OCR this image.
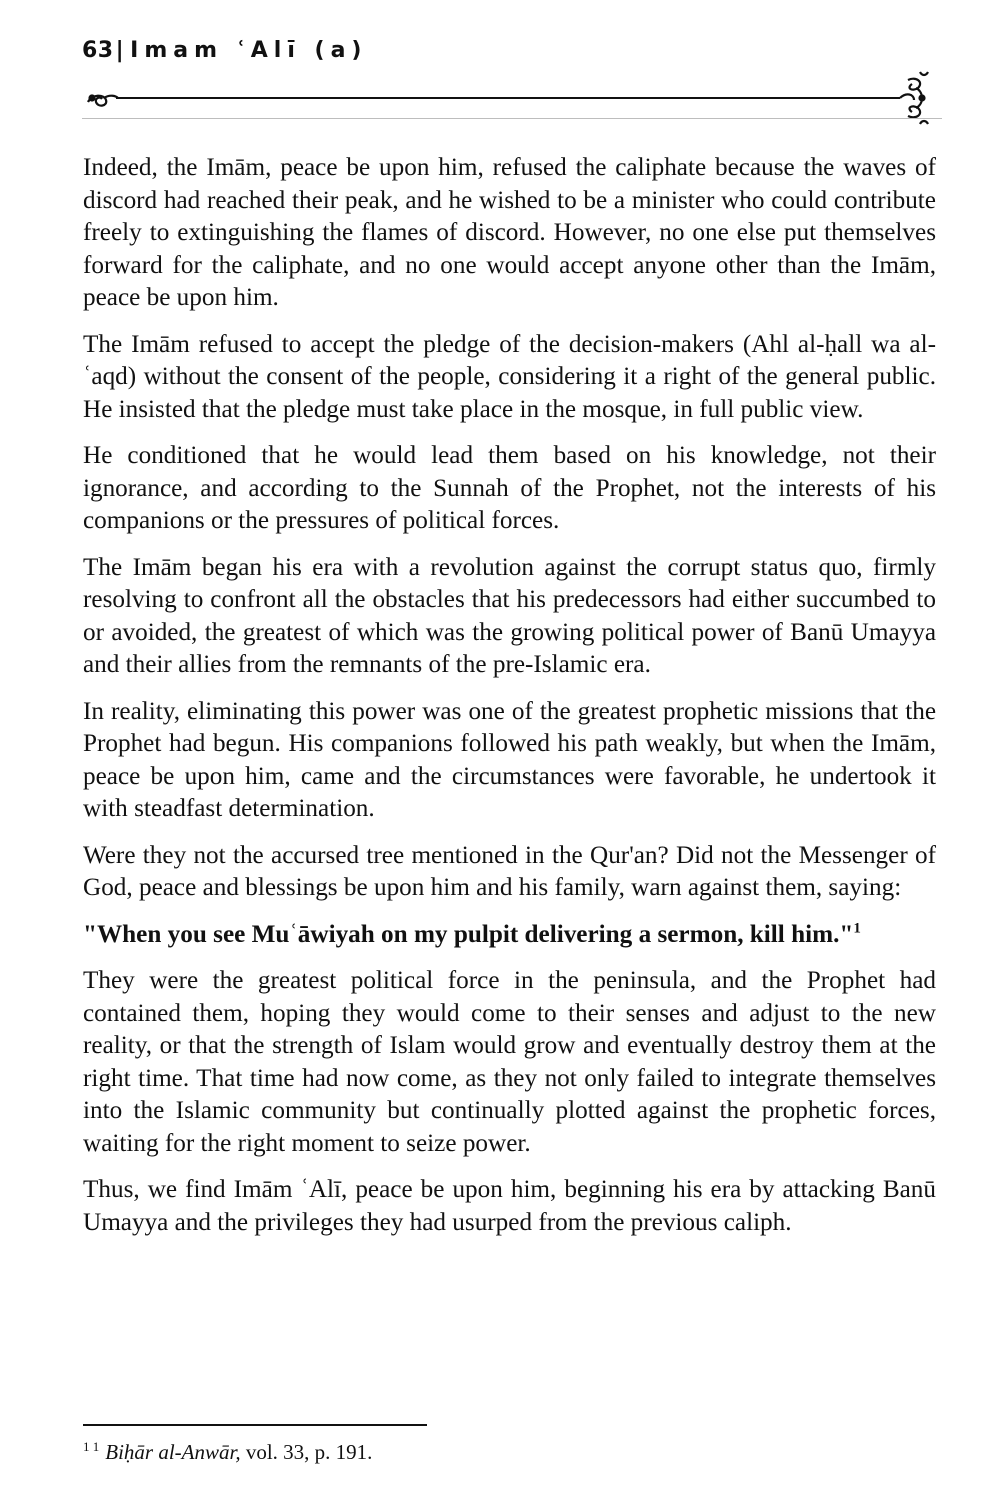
63| Imam ʿAlī (a)

Indeed, the Imām, peace be upon him, refused the caliphate because the waves of discord had reached their peak, and he wished to be a minister who could contribute freely to extinguishing the flames of discord. However, no one else put themselves forward for the caliphate, and no one would accept anyone other than the Imām, peace be upon him.

The Imām refused to accept the pledge of the decision-makers (Ahl al-ḥall wa al-ʿaqd) without the consent of the people, considering it a right of the general public. He insisted that the pledge must take place in the mosque, in full public view.

He conditioned that he would lead them based on his knowledge, not their ignorance, and according to the Sunnah of the Prophet, not the interests of his companions or the pressures of political forces.

The Imām began his era with a revolution against the corrupt status quo, firmly resolving to confront all the obstacles that his predecessors had either succumbed to or avoided, the greatest of which was the growing political power of Banū Umayya and their allies from the remnants of the pre-Islamic era.

In reality, eliminating this power was one of the greatest prophetic missions that the Prophet had begun. His companions followed his path weakly, but when the Imām, peace be upon him, came and the circumstances were favorable, he undertook it with steadfast determination.

Were they not the accursed tree mentioned in the Qur'an? Did not the Messenger of God, peace and blessings be upon him and his family, warn against them, saying:

"When you see Muʿāwiyah on my pulpit delivering a sermon, kill him."$^1$

They were the greatest political force in the peninsula, and the Prophet had contained them, hoping they would come to their senses and adjust to the new reality, or that the strength of Islam would grow and eventually destroy them at the right time. That time had now come, as they not only failed to integrate themselves into the Islamic community but continually plotted against the prophetic forces, waiting for the right moment to seize power.

Thus, we find Imām ʿAlī, peace be upon him, beginning his era by attacking Banū Umayya and the privileges they had usurped from the previous caliph.

$^{1 1}$ Biḥār al-Anwār, vol. 33, p. 191.
